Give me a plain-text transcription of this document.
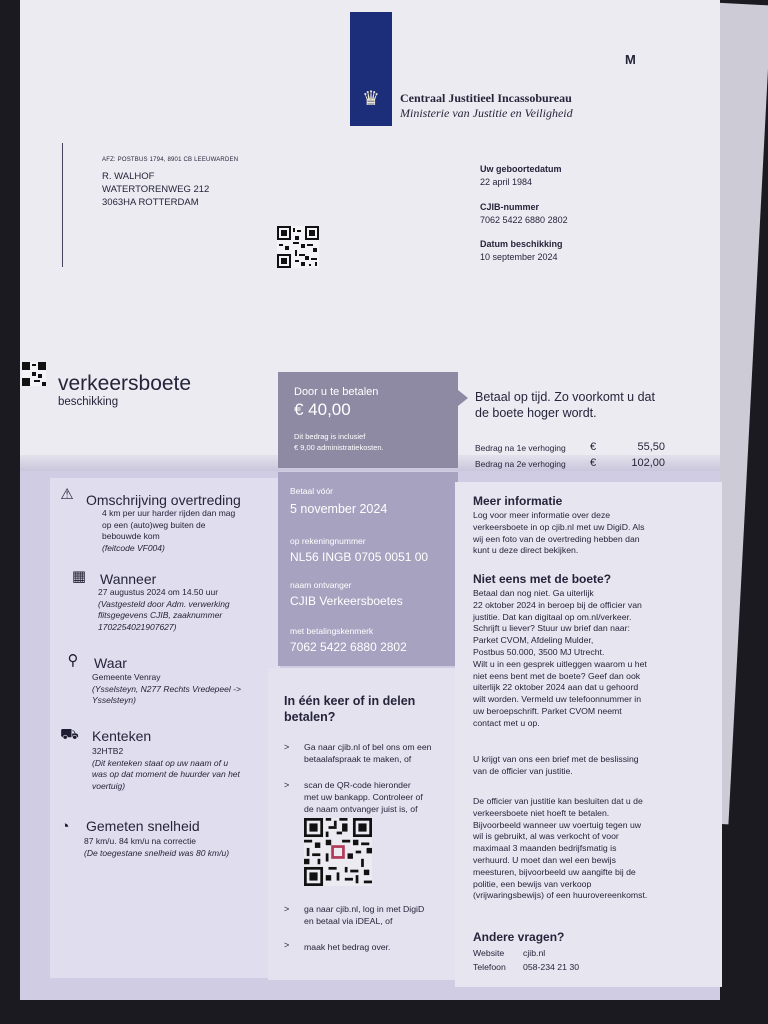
♛	Centraal Justitieel Incassobureau
Ministerie van Justitie en Veiligheid
M
AFZ: POSTBUS 1794, 8901 CB LEEUWARDEN
R. WALHOF
WATERTORENWEG 212
3063HA ROTTERDAM
Uw geboortedatum
22 april 1984
CJIB-nummer
7062 5422 6880 2802
Datum beschikking
10 september 2024
verkeersboete
beschikking
Door u te betalen
€ 40,00
Dit bedrag is inclusief
€ 9,00 administratiekosten.
Betaal op tijd. Zo voorkomt u dat
de boete hoger wordt.
Bedrag na 1e verhoging €	55,50
Bedrag na 2e verhoging €	102,00
⚠ Omschrijving overtreding
4 km per uur harder rijden dan mag
op een (auto)weg buiten de
bebouwde kom
(feitcode VF004)
▦ Wanneer
27 augustus 2024 om 14.50 uur
(Vastgesteld door Adm. verwerking
flitsgegevens CJIB, zaaknummer
1702254021907627)
⚲ Waar
Gemeente Venray
(Ysselsteyn, N277 Rechts Vredepeel ->
Ysselsteyn)
⛟ Kenteken
32HTB2
(Dit kenteken staat op uw naam of u
was op dat moment de huurder van het
voertuig)
◔	Gemeten snelheid
87 km/u. 84 km/u na correctie
(De toegestane snelheid was 80 km/u)
Betaal vóór
5 november 2024
op rekeningnummer
NL56 INGB 0705 0051 00
naam ontvanger
CJIB Verkeersboetes
met betalingskenmerk
7062 5422 6880 2802
In één keer of in delen
betalen?
> Ga naar cjib.nl of bel ons om een
betaalafspraak te maken, of
> scan de QR-code hieronder
met uw bankapp. Controleer of
de naam ontvanger juist is, of
> ga naar cjib.nl, log in met DigiD
en betaal via iDEAL, of
> maak het bedrag over.
Meer informatie
Log voor meer informatie over deze
verkeersboete in op cjib.nl met uw DigiD. Als
wij een foto van de overtreding hebben dan
kunt u deze direct bekijken.
Niet eens met de boete?
Betaal dan nog niet. Ga uiterlijk
22 oktober 2024 in beroep bij de officier van
justitie. Dat kan digitaal op om.nl/verkeer.
Schrijft u liever? Stuur uw brief dan naar:
Parket CVOM, Afdeling Mulder,
Postbus 50.000, 3500 MJ Utrecht.
Wilt u in een gesprek uitleggen waarom u het
niet eens bent met de boete? Geef dan ook
uiterlijk 22 oktober 2024 aan dat u gehoord
wilt worden. Vermeld uw telefoonnummer in
uw beroepschrift. Parket CVOM neemt
contact met u op.
U krijgt van ons een brief met de beslissing
van de officier van justitie.
De officier van justitie kan besluiten dat u de
verkeersboete niet hoeft te betalen.
Bijvoorbeeld wanneer uw voertuig tegen uw
wil is gebruikt, al was verkocht of voor
maximaal 3 maanden bedrijfsmatig is
verhuurd. U moet dan wel een bewijs
meesturen, bijvoorbeeld uw aangifte bij de
politie, een bewijs van verkoop
(vrijwaringsbewijs) of een huurovereenkomst.
Andere vragen?
Website cjib.nl
Telefoon 058-234 21 30
